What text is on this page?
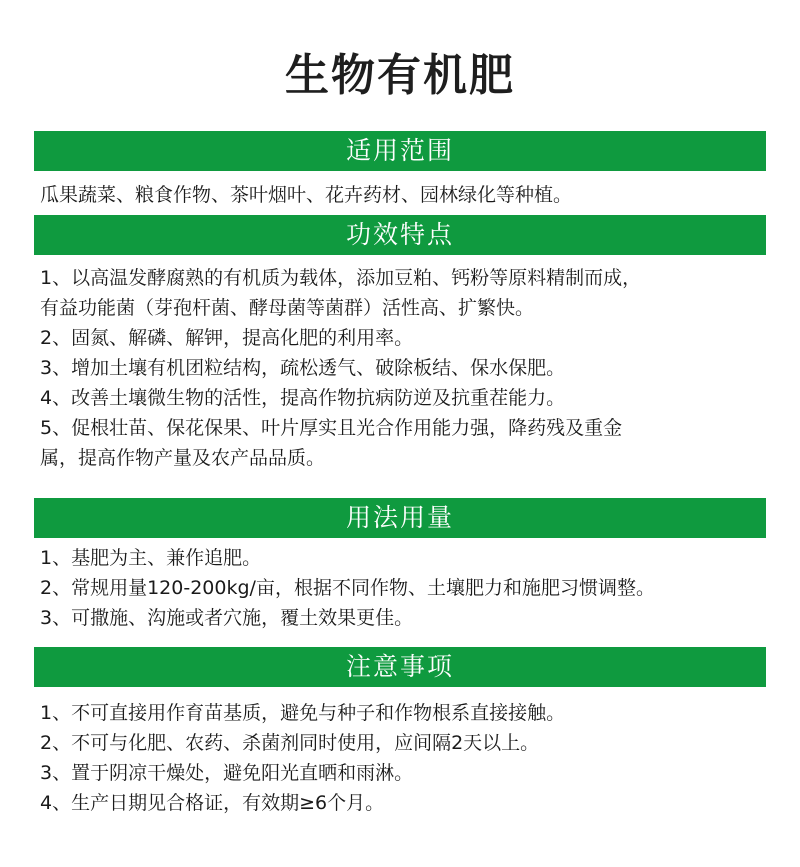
生物有机肥
适用范围
瓜果蔬菜、粮食作物、茶叶烟叶、花卉药材、园林绿化等种植。
功效特点
1、以高温发酵腐熟的有机质为载体，添加豆粕、钙粉等原料精制而成，
有益功能菌（芽孢杆菌、酵母菌等菌群）活性高、扩繁快。
2、固氮、解磷、解钾，提高化肥的利用率。
3、增加土壤有机团粒结构，疏松透气、破除板结、保水保肥。
4、改善土壤微生物的活性，提高作物抗病防逆及抗重茬能力。
5、促根壮苗、保花保果、叶片厚实且光合作用能力强，降药残及重金
属，提高作物产量及农产品品质。
用法用量
1、基肥为主、兼作追肥。
2、常规用量120-200kg/亩，根据不同作物、土壤肥力和施肥习惯调整。
3、可撒施、沟施或者穴施，覆土效果更佳。
注意事项
1、不可直接用作育苗基质，避免与种子和作物根系直接接触。
2、不可与化肥、农药、杀菌剂同时使用，应间隔2天以上。
3、置于阴凉干燥处，避免阳光直晒和雨淋。
4、生产日期见合格证，有效期≥6个月。
